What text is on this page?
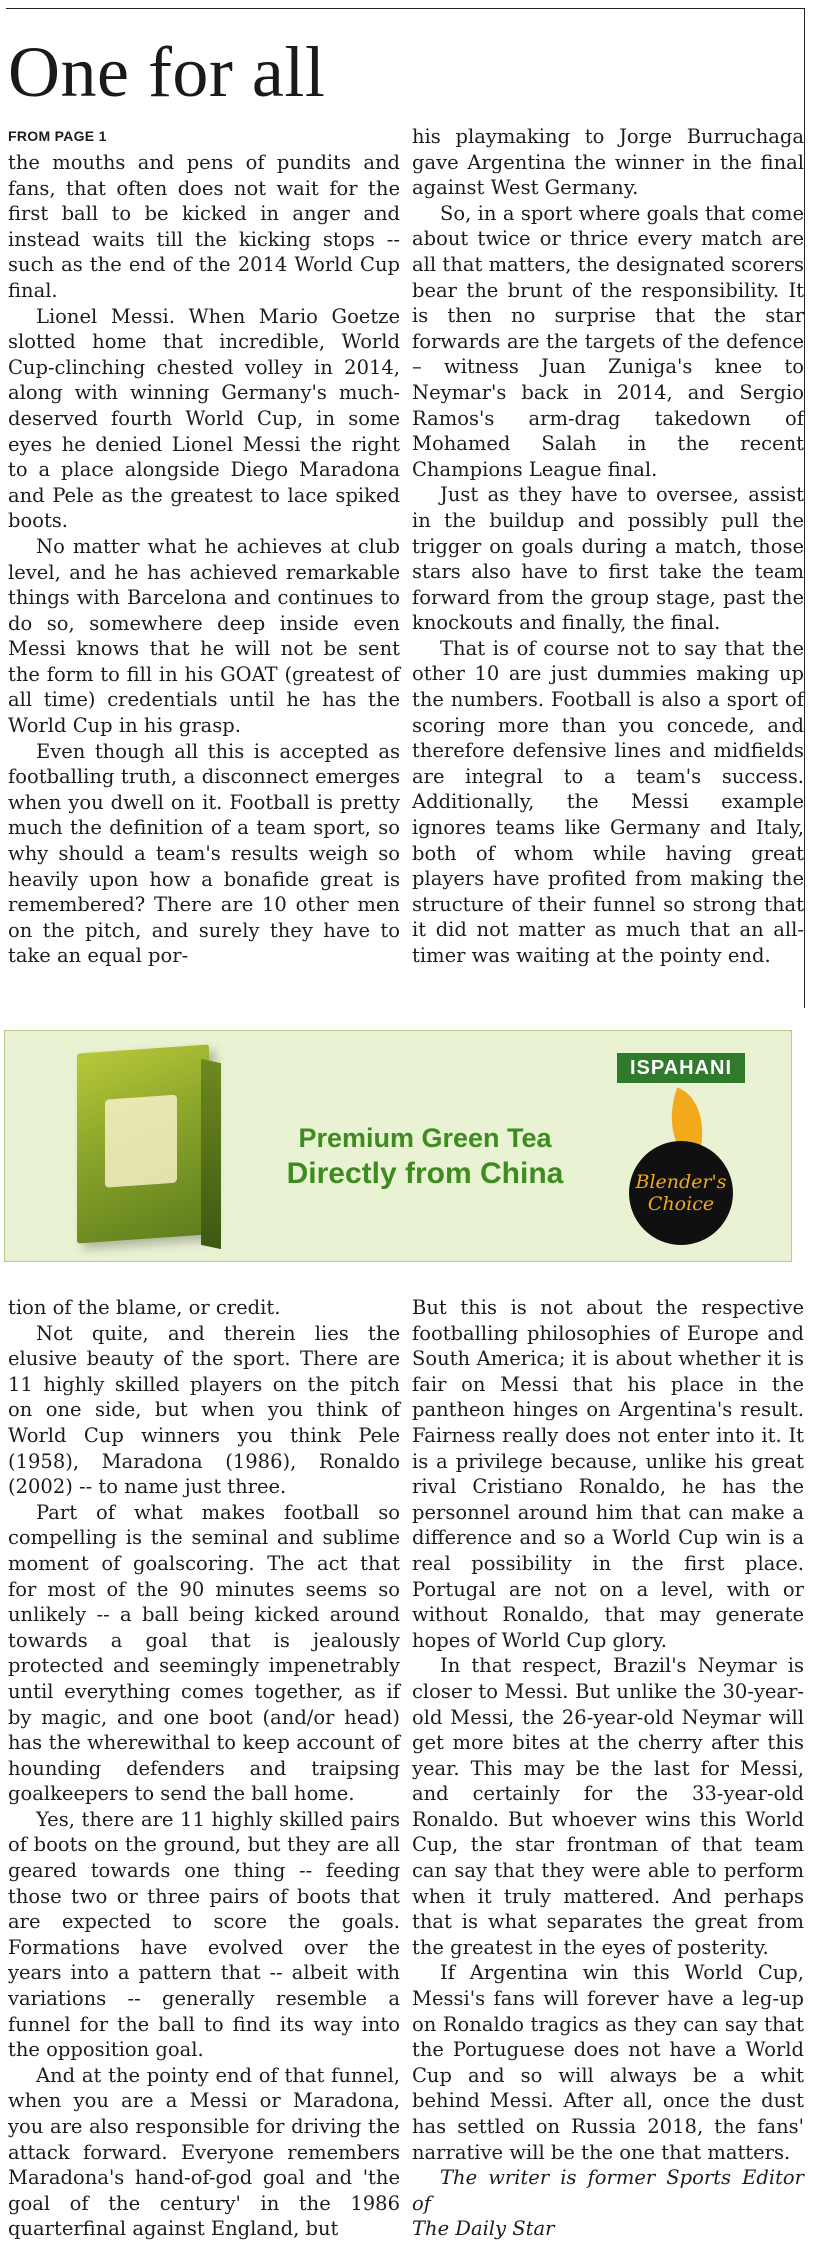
One for all
FROM PAGE 1

the mouths and pens of pundits and fans, that often does not wait for the first ball to be kicked in anger and instead waits till the kicking stops -- such as the end of the 2014 World Cup final.

Lionel Messi. When Mario Goetze slotted home that incredible, World Cup-clinching chested volley in 2014, along with winning Germany's much-deserved fourth World Cup, in some eyes he denied Lionel Messi the right to a place alongside Diego Maradona and Pele as the greatest to lace spiked boots.

No matter what he achieves at club level, and he has achieved remarkable things with Barcelona and continues to do so, somewhere deep inside even Messi knows that he will not be sent the form to fill in his GOAT (greatest of all time) credentials until he has the World Cup in his grasp.

Even though all this is accepted as footballing truth, a disconnect emerges when you dwell on it. Football is pretty much the definition of a team sport, so why should a team's results weigh so heavily upon how a bonafide great is remembered? There are 10 other men on the pitch, and surely they have to take an equal por-

his playmaking to Jorge Burruchaga gave Argentina the winner in the final against West Germany.

So, in a sport where goals that come about twice or thrice every match are all that matters, the designated scorers bear the brunt of the responsibility. It is then no surprise that the star forwards are the targets of the defence – witness Juan Zuniga's knee to Neymar's back in 2014, and Sergio Ramos's arm-drag takedown of Mohamed Salah in the recent Champions League final.

Just as they have to oversee, assist in the buildup and possibly pull the trigger on goals during a match, those stars also have to first take the team forward from the group stage, past the knockouts and finally, the final.

That is of course not to say that the other 10 are just dummies making up the numbers. Football is also a sport of scoring more than you concede, and therefore defensive lines and midfields are integral to a team's success. Additionally, the Messi example ignores teams like Germany and Italy, both of whom while having great players have profited from making the structure of their funnel so strong that it did not matter as much that an all-timer was waiting at the pointy end.

Premium Green Tea
Directly from China
ISPAHANI
Blender's
Choice

tion of the blame, or credit.

Not quite, and therein lies the elusive beauty of the sport. There are 11 highly skilled players on the pitch on one side, but when you think of World Cup winners you think Pele (1958), Maradona (1986), Ronaldo (2002) -- to name just three.

Part of what makes football so compelling is the seminal and sublime moment of goalscoring. The act that for most of the 90 minutes seems so unlikely -- a ball being kicked around towards a goal that is jealously protected and seemingly impenetrably until everything comes together, as if by magic, and one boot (and/or head) has the wherewithal to keep account of hounding defenders and traipsing goalkeepers to send the ball home.

Yes, there are 11 highly skilled pairs of boots on the ground, but they are all geared towards one thing -- feeding those two or three pairs of boots that are expected to score the goals. Formations have evolved over the years into a pattern that -- albeit with variations -- generally resemble a funnel for the ball to find its way into the opposition goal.

And at the pointy end of that funnel, when you are a Messi or Maradona, you are also responsible for driving the attack forward. Everyone remembers Maradona's hand-of-god goal and 'the goal of the century' in the 1986 quarterfinal against England, but

But this is not about the respective footballing philosophies of Europe and South America; it is about whether it is fair on Messi that his place in the pantheon hinges on Argentina's result. Fairness really does not enter into it. It is a privilege because, unlike his great rival Cristiano Ronaldo, he has the personnel around him that can make a difference and so a World Cup win is a real possibility in the first place. Portugal are not on a level, with or without Ronaldo, that may generate hopes of World Cup glory.

In that respect, Brazil's Neymar is closer to Messi. But unlike the 30-year-old Messi, the 26-year-old Neymar will get more bites at the cherry after this year. This may be the last for Messi, and certainly for the 33-year-old Ronaldo. But whoever wins this World Cup, the star frontman of that team can say that they were able to perform when it truly mattered. And perhaps that is what separates the great from the greatest in the eyes of posterity.

If Argentina win this World Cup, Messi's fans will forever have a leg-up on Ronaldo tragics as they can say that the Portuguese does not have a World Cup and so will always be a whit behind Messi. After all, once the dust has settled on Russia 2018, the fans' narrative will be the one that matters.

The writer is former Sports Editor of
The Daily Star
